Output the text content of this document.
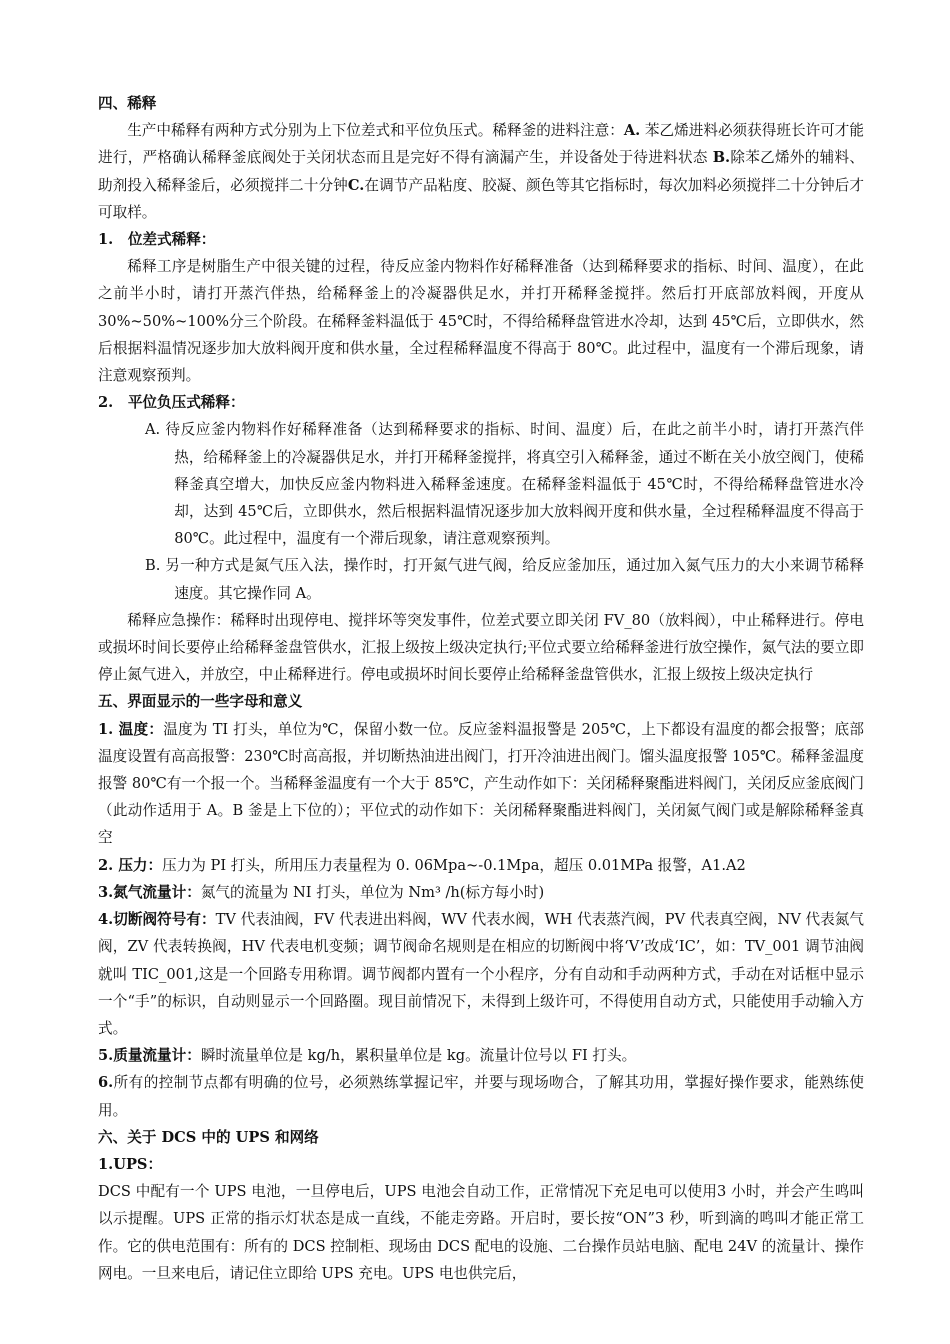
四、稀释

生产中稀释有两种方式分别为上下位差式和平位负压式。稀释釜的进料注意：A. 苯乙烯进料必须获得班长许可才能进行，严格确认稀释釜底阀处于关闭状态而且是完好不得有滴漏产生，并设备处于待进料状态 B.除苯乙烯外的辅料、助剂投入稀释釜后，必须搅拌二十分钟C.在调节产品粘度、胶凝、颜色等其它指标时，每次加料必须搅拌二十分钟后才可取样。

1.　位差式稀释：

稀释工序是树脂生产中很关键的过程，待反应釜内物料作好稀释准备（达到稀释要求的指标、时间、温度），在此之前半小时，请打开蒸汽伴热，给稀释釜上的冷凝器供足水，并打开稀释釜搅拌。然后打开底部放料阀，开度从 30%~50%~100%分三个阶段。在稀释釜料温低于 45℃时，不得给稀释盘管进水冷却，达到 45℃后，立即供水，然后根据料温情况逐步加大放料阀开度和供水量，全过程稀释温度不得高于 80℃。此过程中，温度有一个滞后现象，请注意观察预判。

2.　平位负压式稀释：

A. 待反应釜内物料作好稀释准备（达到稀释要求的指标、时间、温度）后，在此之前半小时，请打开蒸汽伴热，给稀释釜上的冷凝器供足水，并打开稀释釜搅拌，将真空引入稀释釜，通过不断在关小放空阀门，使稀释釜真空增大，加快反应釜内物料进入稀释釜速度。在稀释釜料温低于 45℃时，不得给稀释盘管进水冷却，达到 45℃后，立即供水，然后根据料温情况逐步加大放料阀开度和供水量，全过程稀释温度不得高于　80℃。此过程中，温度有一个滞后现象，请注意观察预判。

B. 另一种方式是氮气压入法，操作时，打开氮气进气阀，给反应釜加压，通过加入氮气压力的大小来调节稀释速度。其它操作同 A。

稀释应急操作：稀释时出现停电、搅拌坏等突发事件，位差式要立即关闭 FV_80（放料阀），中止稀释进行。停电或损坏时间长要停止给稀释釜盘管供水，汇报上级按上级决定执行;平位式要立给稀释釜进行放空操作，氮气法的要立即停止氮气进入，并放空，中止稀释进行。停电或损坏时间长要停止给稀释釜盘管供水，汇报上级按上级决定执行

五、界面显示的一些字母和意义

1. 温度：温度为 TI 打头，单位为℃，保留小数一位。反应釜料温报警是 205℃，上下都设有温度的都会报警；底部温度设置有高高报警：230℃时高高报，并切断热油进出阀门，打开冷油进出阀门。馏头温度报警 105℃。稀释釜温度报警 80℃有一个报一个。当稀释釜温度有一个大于 85℃，产生动作如下：关闭稀释聚酯进料阀门，关闭反应釜底阀门（此动作适用于 A。B 釜是上下位的）；平位式的动作如下：关闭稀释聚酯进料阀门，关闭氮气阀门或是解除稀释釜真空

2. 压力：压力为 PI 打头，所用压力表量程为 0. 06Mpa~-0.1Mpa，超压 0.01MPa 报警，A1.A2

3.氮气流量计：氮气的流量为 NI 打头，单位为 Nm³ /h(标方每小时)

4.切断阀符号有：TV 代表油阀，FV 代表进出料阀，WV 代表水阀，WH 代表蒸汽阀，PV 代表真空阀，NV 代表氮气阀，ZV 代表转换阀，HV 代表电机变频；调节阀命名规则是在相应的切断阀中将‘V’改成‘IC’，如：TV_001 调节油阀就叫 TIC_001,这是一个回路专用称谓。调节阀都内置有一个小程序，分有自动和手动两种方式，手动在对话框中显示一个“手”的标识，自动则显示一个回路圈。现目前情况下，未得到上级许可，不得使用自动方式，只能使用手动输入方式。

5.质量流量计：瞬时流量单位是 kg/h，累积量单位是 kg。流量计位号以 FI 打头。

6.所有的控制节点都有明确的位号，必须熟练掌握记牢，并要与现场吻合，了解其功用，掌握好操作要求，能熟练使用。

六、关于 DCS 中的 UPS 和网络

1.UPS：

DCS 中配有一个 UPS 电池，一旦停电后，UPS 电池会自动工作，正常情况下充足电可以使用3 小时，并会产生鸣叫以示提醒。UPS 正常的指示灯状态是成一直线，不能走旁路。开启时，要长按“ON”3 秒，听到滴的鸣叫才能正常工作。它的供电范围有：所有的 DCS 控制柜、现场由 DCS 配电的设施、二台操作员站电脑、配电 24V 的流量计、操作网电。一旦来电后，请记住立即给 UPS 充电。UPS 电也供完后，
